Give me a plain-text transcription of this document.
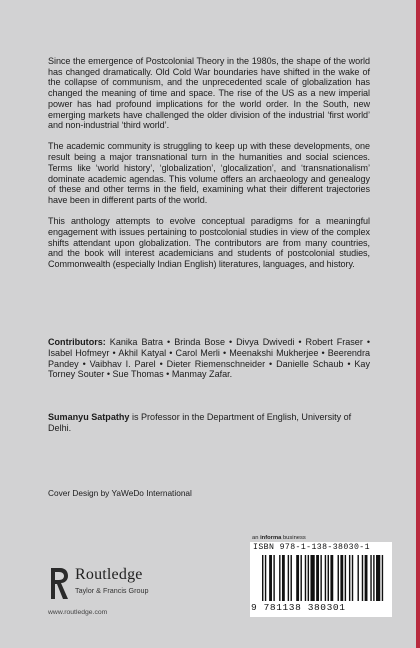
Since the emergence of Postcolonial Theory in the 1980s, the shape of the world has changed dramatically. Old Cold War boundaries have shifted in the wake of the collapse of communism, and the unprecedented scale of globalization has changed the meaning of time and space. The rise of the US as a new imperial power has had profound implications for the world order. In the South, new emerging markets have challenged the older division of the industrial ‘first world’ and non-industrial ‘third world’.

The academic community is struggling to keep up with these developments, one result being a major transnational turn in the humanities and social sciences. Terms like ‘world history’, ‘globalization’, ‘glocalization’, and ‘transnationalism’ dominate academic agendas. This volume offers an archaeology and genealogy of these and other terms in the field, examining what their different trajectories have been in different parts of the world.

This anthology attempts to evolve conceptual paradigms for a meaningful engagement with issues pertaining to postcolonial studies in view of the complex shifts attendant upon globalization. The contributors are from many countries, and the book will interest academicians and students of postcolonial studies, Commonwealth (especially Indian English) literatures, languages, and history.

Contributors: Kanika Batra • Brinda Bose • Divya Dwivedi • Robert Fraser • Isabel Hofmeyr • Akhil Katyal • Carol Merli • Meenakshi Mukherjee • Beerendra Pandey • Vaibhav I. Parel • Dieter Riemenschneider • Danielle Schaub • Kay Torney Souter • Sue Thomas • Manmay Zafar.
Sumanyu Satpathy is Professor in the Department of English, University of Delhi.
Cover Design by YaWeDo International
an informa business
ISBN 978-1-138-38030-1
9 781138 380301
Routledge
Taylor & Francis Group
www.routledge.com
